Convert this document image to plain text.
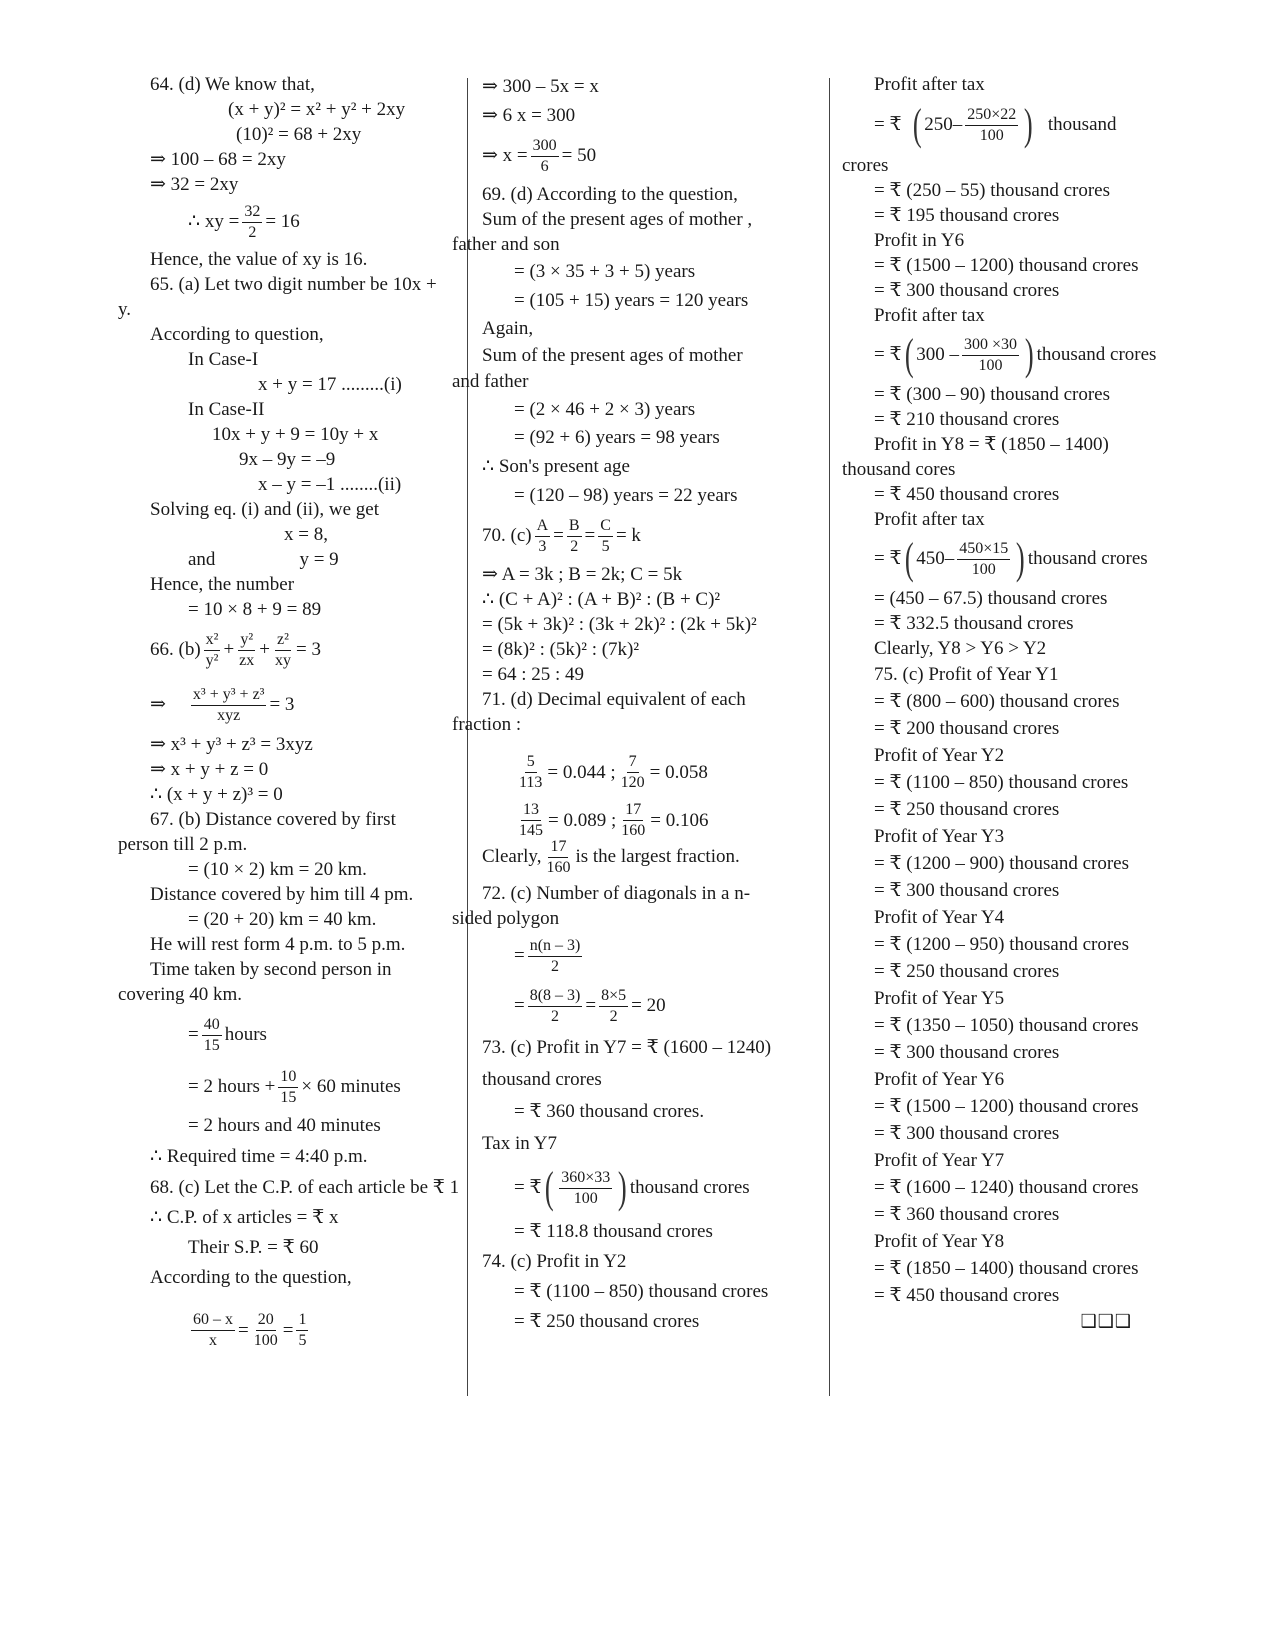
64. (d) We know that,
(x + y)² = x² + y² + 2xy
(10)² = 68 + 2xy
⇒ 100 – 68 = 2xy
⇒ 32 = 2xy
∴ xy = $\frac{32}{2} = 16$
Hence, the value of xy is 16.
65. (a) Let two digit number be 10x +
y.
According to question,
In Case-I
x + y = 17 .........(i)
In Case-II
10x + y + 9 = 10y + x
9x – 9y = –9
x – y = –1 ........(ii)
Solving eq. (i) and (ii), we get
x = 8,
and	y = 9
Hence, the number
= 10 × 8 + 9 = 89
66. $(b) \frac{\text{x²}}{\text{y²}} + \frac{\text{y²}}{zx} + \frac{\text{z²}}{xy} = 3$
⇒ $\frac{\text{x³ + y³ + z³}}{\text{xyz}} = 3$
⇒ x³ + y³ + z³ = 3xyz
⇒ x + y + z = 0
∴ (x + y + z)³ = 0
67. (b) Distance covered by first
person till 2 p.m.
= (10 × 2) km = 20 km.
Distance covered by him till 4 pm.
= (20 + 20) km = 40 km.
He will rest form 4 p.m. to 5 p.m.
Time taken by second person in
covering 40 km.
= $\frac{40}{15}$ hours
= 2 hours + $\frac{10}{15} \times 60$ minutes
= 2 hours and 40 minutes
∴ Required time = 4:40 p.m.
68. (c) Let the C.P. of each article be ₹ 1
∴ C.P. of x articles = ₹ x
Their S.P. = ₹ 60
According to the question,
$\frac{60 - x}{x} = \frac{20}{100} = \frac{1}{5}$
⇒ 300 – 5x = x
⇒ 6 x = 300
⇒ $x = \frac{300}{6} = 50$
69. (d) According to the question,
Sum of the present ages of mother ,
father and son
= (3 × 35 + 3 + 5) years
= (105 + 15) years = 120 years
Again,
Sum of the present ages of mother
and father
= (2 × 46 + 2 × 3) years
= (92 + 6) years = 98 years
∴ Son's present age
= (120 – 98) years = 22 years
70. $(c) \frac{A}{3} = \frac{B}{2} = \frac{C}{5} = k$
⇒ A = 3k ; B = 2k; C = 5k
∴ (C + A)² : (A + B)² : (B + C)²
= (5k + 3k)² : (3k + 2k)² : (2k + 5k)²
= (8k)² : (5k)² : (7k)²
= 64 : 25 : 49
71. (d) Decimal equivalent of each
fraction :
$\frac{5}{113} = 0.044$ ; $\frac{7}{120} = 0.058$
$\frac{13}{145} = 0.089$ ; $\frac{17}{160} = 0.106$
Clearly, $\frac{17}{160}$ is the largest fraction.
72. (c) Number of diagonals in a n-
sided polygon
= $\frac{n(n - 3)}{2}$
= $\frac{8(8 - 3)}{2} = \frac{8\times 5}{2} = 20$
73. (c) Profit in Y7 = ₹ (1600 – 1240)
thousand crores
= ₹ 360 thousand crores.
Tax in Y7
= ₹ ( $\frac{360\times 33}{100}$ ) thousand crores
= ₹ 118.8 thousand crores
74. (c) Profit in Y2
= ₹ (1100 – 850) thousand crores
= ₹ 250 thousand crores
Profit after tax
= ₹ ( $250- \frac{250\times 22}{100}$ ) thousand
crores
= ₹ (250 – 55) thousand crores
= ₹ 195 thousand crores
Profit in Y6
= ₹ (1500 – 1200) thousand crores
= ₹ 300 thousand crores
Profit after tax
= ₹ ( $300 - \frac{300 \times 30}{100}$ ) thousand crores
= ₹ (300 – 90) thousand crores
= ₹ 210 thousand crores
Profit in Y8 = ₹ (1850 – 1400)
thousand cores
= ₹ 450 thousand crores
Profit after tax
= ₹ ( $450- \frac{450\times 15}{100}$ ) thousand crores
= (450 – 67.5) thousand crores
= ₹ 332.5 thousand crores
Clearly, Y8 > Y6 > Y2
75. (c) Profit of Year Y1
= ₹ (800 – 600) thousand crores
= ₹ 200 thousand crores
Profit of Year Y2
= ₹ (1100 – 850) thousand crores
= ₹ 250 thousand crores
Profit of Year Y3
= ₹ (1200 – 900) thousand crores
= ₹ 300 thousand crores
Profit of Year Y4
= ₹ (1200 – 950) thousand crores
= ₹ 250 thousand crores
Profit of Year Y5
= ₹ (1350 – 1050) thousand crores
= ₹ 300 thousand crores
Profit of Year Y6
= ₹ (1500 – 1200) thousand crores
= ₹ 300 thousand crores
Profit of Year Y7
= ₹ (1600 – 1240) thousand crores
= ₹ 360 thousand crores
Profit of Year Y8
= ₹ (1850 – 1400) thousand crores
= ₹ 450 thousand crores
❑❑❑
